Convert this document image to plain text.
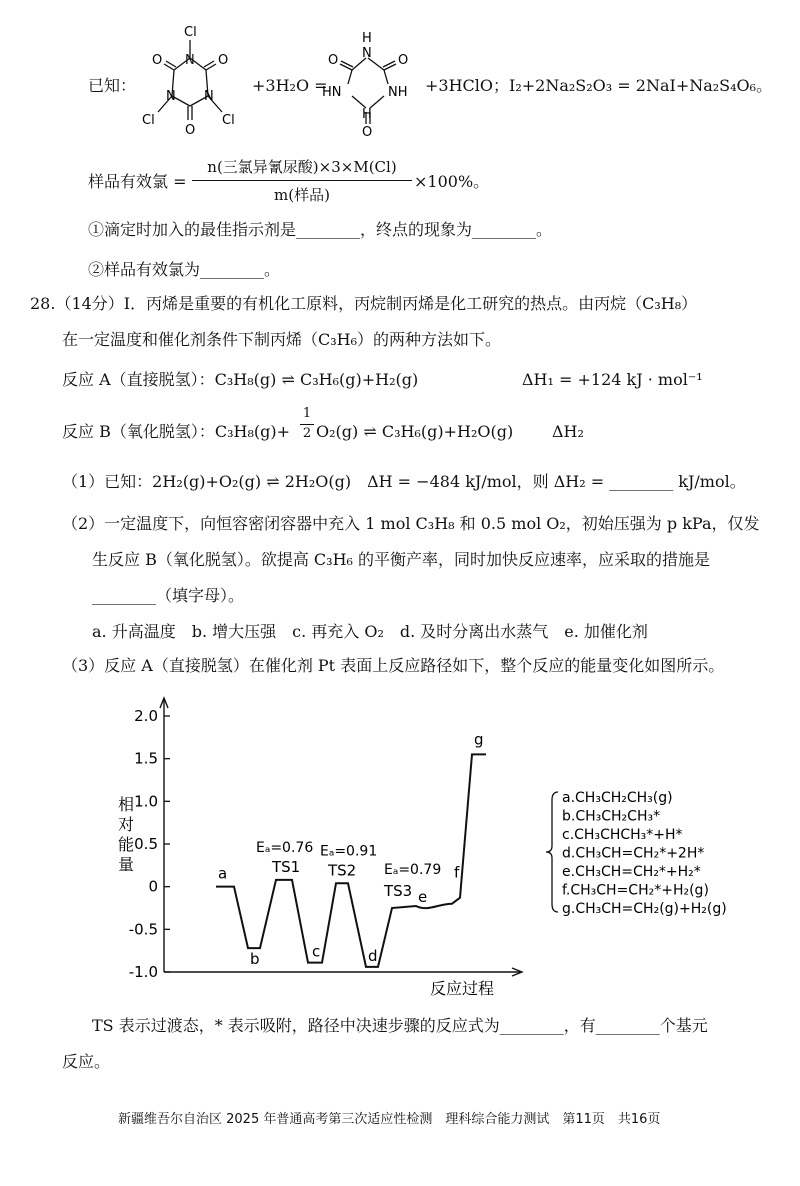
已知：
Cl
N
O	O
N N
Cl	Cl
O
+3H₂O =
H
N
O	O
HN	NH
H
O
+3HClO；I₂+2Na₂S₂O₃ = 2NaI+Na₂S₄O₆。
样品有效氯 =
n(三氯异氰尿酸)×3×M(Cl)
m(样品)
×100%。
①滴定时加入的最佳指示剂是________，终点的现象为________。
②样品有效氯为________。
28.（14分）Ⅰ．丙烯是重要的有机化工原料，丙烷制丙烯是化工研究的热点。由丙烷（C₃H₈）
在一定温度和催化剂条件下制丙烯（C₃H₆）的两种方法如下。
反应 A（直接脱氢）：C₃H₈(g) ⇌ C₃H₆(g)+H₂(g)	ΔH₁ = +124 kJ · mol⁻¹
反应 B（氧化脱氢）：C₃H₈(g)+
1
2 O₂(g) ⇌ C₃H₆(g)+H₂O(g) ΔH₂
（1）已知：2H₂(g)+O₂(g) ⇌ 2H₂O(g)　ΔH = −484 kJ/mol，则 ΔH₂ = ________ kJ/mol。
（2）一定温度下，向恒容密闭容器中充入 1 mol C₃H₈ 和 0.5 mol O₂，初始压强为 p kPa，仅发
生反应 B（氧化脱氢）。欲提高 C₃H₆ 的平衡产率，同时加快反应速率，应采取的措施是
________（填字母）。
a. 升高温度　b. 增大压强　c. 再充入 O₂　d. 及时分离出水蒸气　e. 加催化剂
（3）反应 A（直接脱氢）在催化剂 Pt 表面上反应路径如下，整个反应的能量变化如图所示。
2.0
1.5
1.0
0.5
0
-0.5
-1.0
a
b
TS1
c
TS2
d
e
f
g
TS3
Eₐ=0.76 Eₐ=0.91
Eₐ=0.79
相 对 能 量
反应过程
a.CH₃CH₂CH₃(g)
b.CH₃CH₂CH₃*
c.CH₃CHCH₃*+H*
d.CH₃CH=CH₂*+2H*
e.CH₃CH=CH₂*+H₂*
f.CH₃CH=CH₂*+H₂(g)
g.CH₃CH=CH₂(g)+H₂(g)
TS 表示过渡态，* 表示吸附，路径中决速步骤的反应式为________，有________个基元
反应。
新疆维吾尔自治区 2025 年普通高考第三次适应性检测　理科综合能力测试　第11页　共16页
